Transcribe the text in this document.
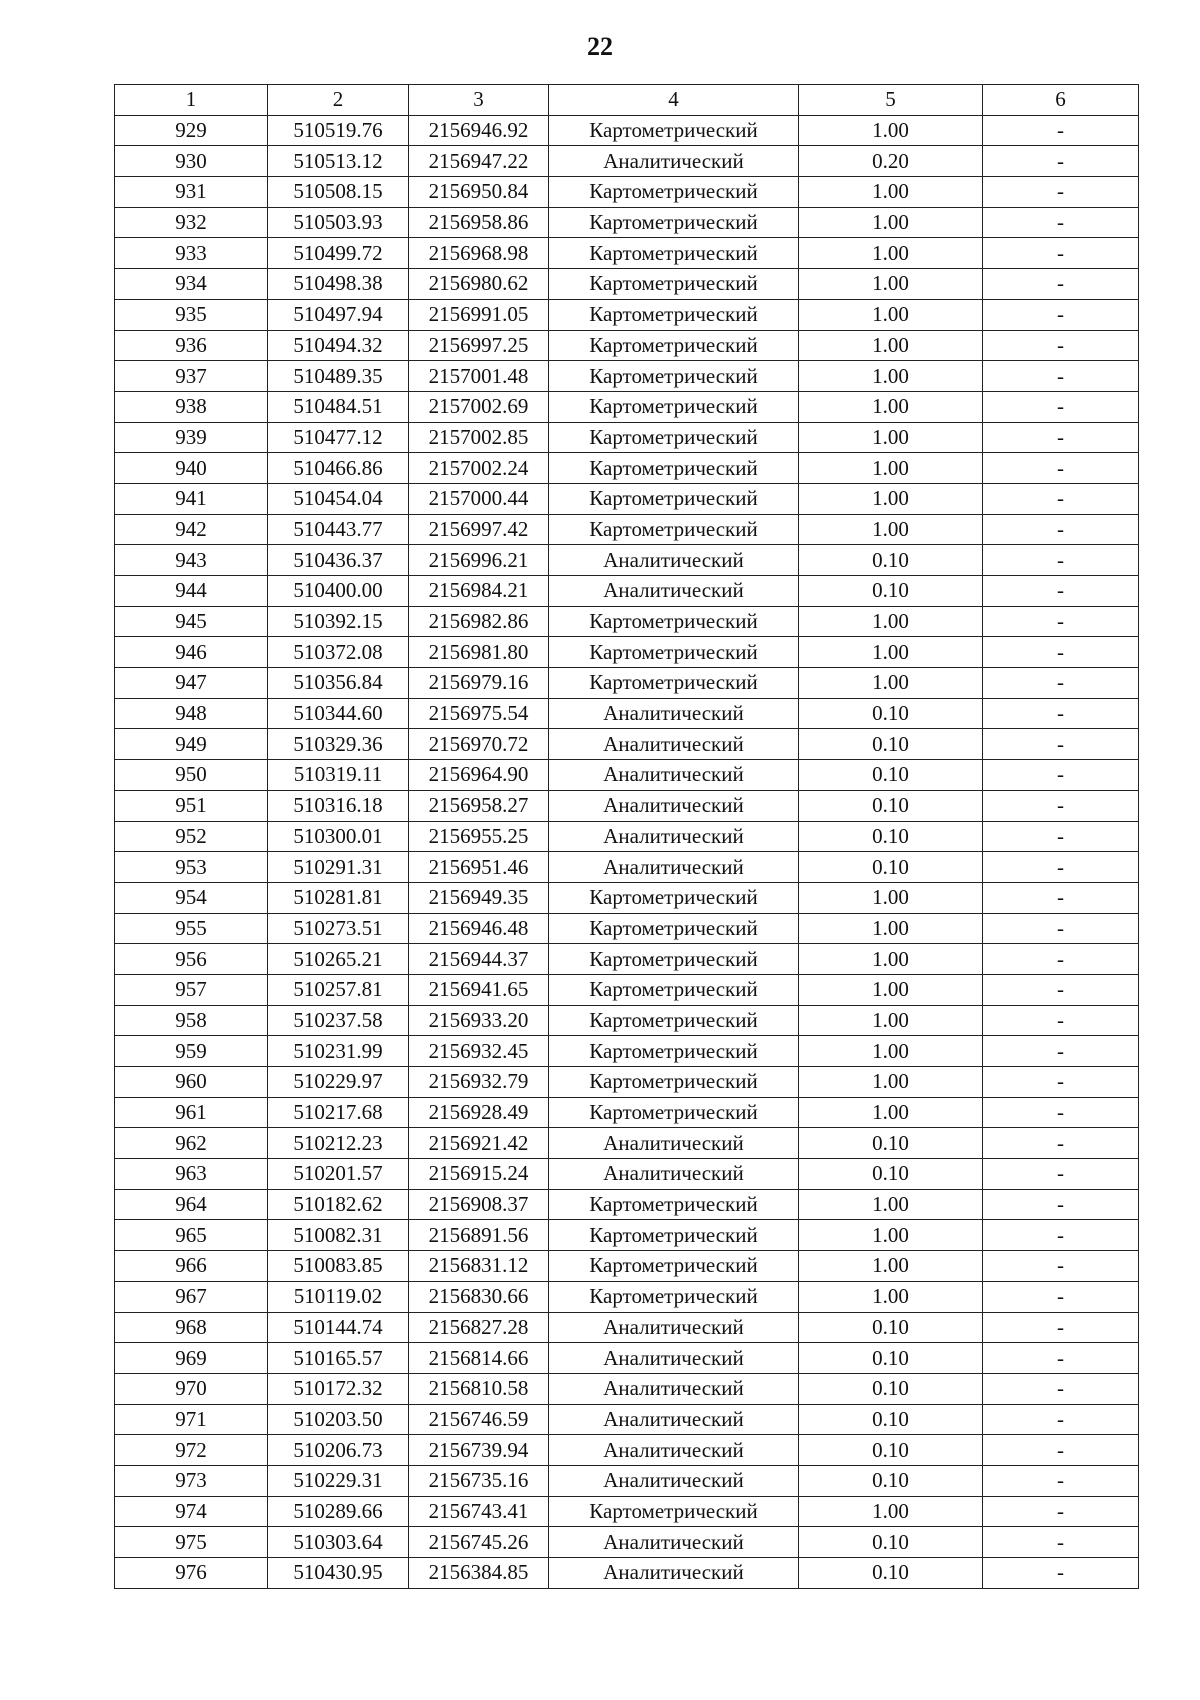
22
1	2	3	4	5	6
929	510519.76	2156946.92	Картометрический	1.00	-
930	510513.12	2156947.22	Аналитический	0.20	-
931	510508.15	2156950.84	Картометрический	1.00	-
932	510503.93	2156958.86	Картометрический	1.00	-
933	510499.72	2156968.98	Картометрический	1.00	-
934	510498.38	2156980.62	Картометрический	1.00	-
935	510497.94	2156991.05	Картометрический	1.00	-
936	510494.32	2156997.25	Картометрический	1.00	-
937	510489.35	2157001.48	Картометрический	1.00	-
938	510484.51	2157002.69	Картометрический	1.00	-
939	510477.12	2157002.85	Картометрический	1.00	-
940	510466.86	2157002.24	Картометрический	1.00	-
941	510454.04	2157000.44	Картометрический	1.00	-
942	510443.77	2156997.42	Картометрический	1.00	-
943	510436.37	2156996.21	Аналитический	0.10	-
944	510400.00	2156984.21	Аналитический	0.10	-
945	510392.15	2156982.86	Картометрический	1.00	-
946	510372.08	2156981.80	Картометрический	1.00	-
947	510356.84	2156979.16	Картометрический	1.00	-
948	510344.60	2156975.54	Аналитический	0.10	-
949	510329.36	2156970.72	Аналитический	0.10	-
950	510319.11	2156964.90	Аналитический	0.10	-
951	510316.18	2156958.27	Аналитический	0.10	-
952	510300.01	2156955.25	Аналитический	0.10	-
953	510291.31	2156951.46	Аналитический	0.10	-
954	510281.81	2156949.35	Картометрический	1.00	-
955	510273.51	2156946.48	Картометрический	1.00	-
956	510265.21	2156944.37	Картометрический	1.00	-
957	510257.81	2156941.65	Картометрический	1.00	-
958	510237.58	2156933.20	Картометрический	1.00	-
959	510231.99	2156932.45	Картометрический	1.00	-
960	510229.97	2156932.79	Картометрический	1.00	-
961	510217.68	2156928.49	Картометрический	1.00	-
962	510212.23	2156921.42	Аналитический	0.10	-
963	510201.57	2156915.24	Аналитический	0.10	-
964	510182.62	2156908.37	Картометрический	1.00	-
965	510082.31	2156891.56	Картометрический	1.00	-
966	510083.85	2156831.12	Картометрический	1.00	-
967	510119.02	2156830.66	Картометрический	1.00	-
968	510144.74	2156827.28	Аналитический	0.10	-
969	510165.57	2156814.66	Аналитический	0.10	-
970	510172.32	2156810.58	Аналитический	0.10	-
971	510203.50	2156746.59	Аналитический	0.10	-
972	510206.73	2156739.94	Аналитический	0.10	-
973	510229.31	2156735.16	Аналитический	0.10	-
974	510289.66	2156743.41	Картометрический	1.00	-
975	510303.64	2156745.26	Аналитический	0.10	-
976	510430.95	2156384.85	Аналитический	0.10	-
